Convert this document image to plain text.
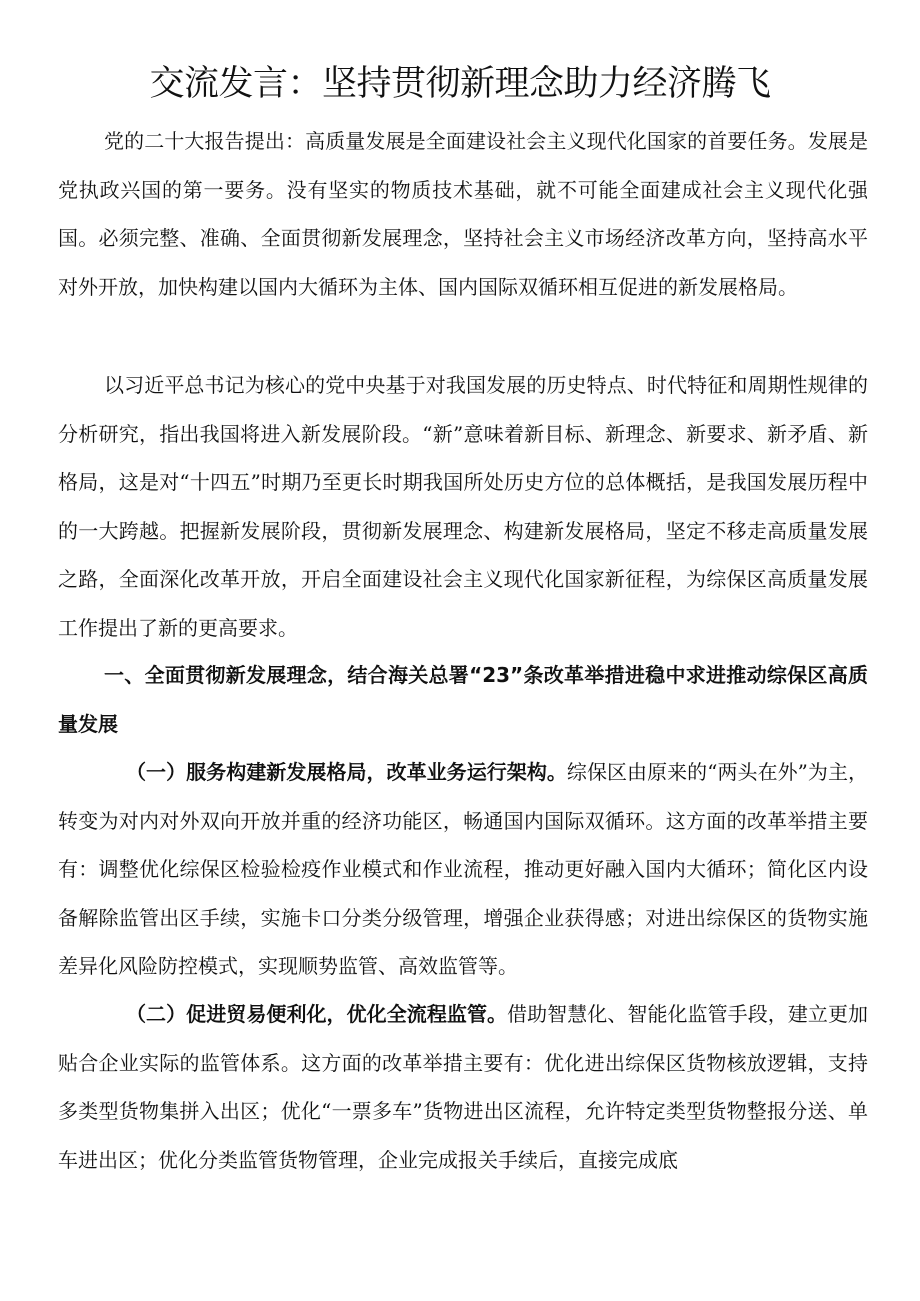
交流发言：坚持贯彻新理念助力经济腾飞

党的二十大报告提出：高质量发展是全面建设社会主义现代化国家的首要任务。发展是党执政兴国的第一要务。没有坚实的物质技术基础，就不可能全面建成社会主义现代化强国。必须完整、准确、全面贯彻新发展理念，坚持社会主义市场经济改革方向，坚持高水平对外开放，加快构建以国内大循环为主体、国内国际双循环相互促进的新发展格局。

以习近平总书记为核心的党中央基于对我国发展的历史特点、时代特征和周期性规律的分析研究，指出我国将进入新发展阶段。“新”意味着新目标、新理念、新要求、新矛盾、新格局，这是对“十四五”时期乃至更长时期我国所处历史方位的总体概括，是我国发展历程中的一大跨越。把握新发展阶段，贯彻新发展理念、构建新发展格局，坚定不移走高质量发展之路，全面深化改革开放，开启全面建设社会主义现代化国家新征程，为综保区高质量发展工作提出了新的更高要求。

一、全面贯彻新发展理念，结合海关总署“23”条改革举措进稳中求进推动综保区高质量发展

（一）服务构建新发展格局，改革业务运行架构。综保区由原来的“两头在外”为主，转变为对内对外双向开放并重的经济功能区，畅通国内国际双循环。这方面的改革举措主要有：调整优化综保区检验检疫作业模式和作业流程，推动更好融入国内大循环；简化区内设备解除监管出区手续，实施卡口分类分级管理，增强企业获得感；对进出综保区的货物实施差异化风险防控模式，实现顺势监管、高效监管等。

（二）促进贸易便利化，优化全流程监管。借助智慧化、智能化监管手段，建立更加贴合企业实际的监管体系。这方面的改革举措主要有：优化进出综保区货物核放逻辑，支持多类型货物集拼入出区；优化“一票多车”货物进出区流程，允许特定类型货物整报分送、单车进出区；优化分类监管货物管理，企业完成报关手续后，直接完成底
